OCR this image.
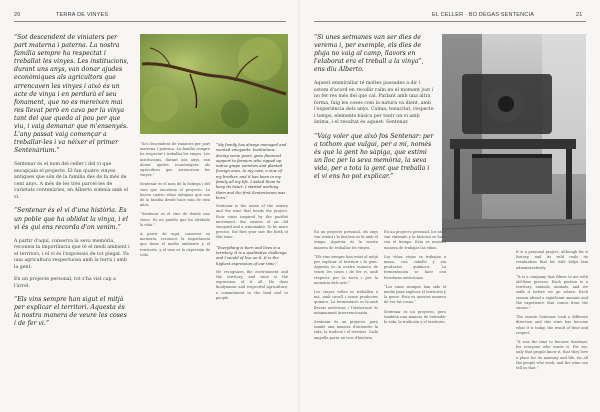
20	TERRA DE VINYES

“Sot descendent de viniaters per part materna i paterna. La nostra família sempre ha respectat i treballat les vinyes. Les institucions, durant uns anys, van donar ajudes econòmiques als agricultors que arrencaven les vinyes i això és un acte de vinya i en perdurà el seu fonament, que no es mereixen mai res llevat però en cava per la vinya tant del que queda al pou per que viu, i vaig demanar que m'ensenyés. L'any passat vaig començar a treballar-les i va néixer el primer Sentenàrium.”

Sentenar és el nom del celler i del vi que encapçala el projecte. El fan quatre vinyes antigues que són de la família des de fa més de cent anys. A més de les tres parcel·les de varietats centenàries, en Alberto somnia amb el vi.

“Sentenar és el vi d'una història. Es un poble que ha oblidat la vinya, i el vi és qui ens recorda d'on venim.”

A partir d'aquí, conserva la seva memòria, reconeix la importància que té el medi ambient i el territori, i el vi és l'expressió de tot plegat. Fa una agricultura respectuosa amb la terra i amb la gent.

En un projecte personal, tot s'ha vist cap a l'arrel.

“Els vins sempre han sigut el mitjà per explicar el territori. Aquesta és la nostra manera de veure les coses i de fer vi.”

“Sot descendent de viniaters per part materna i paterna. La família sempre ha respectat i treballat les vinyes. Les institucions, durant uns anys, van donar ajudes econòmiques als agricultors que arrencaven les vinyes.”

Sentenar és el nom de la bodega i del vino que encabeza el proyecto. Lo hacen cuatro viñas antiguas que son de la familia desde hace más de cien años.

“Sentenar es el vino de donde uno viene. Es un pueblo que ha olvidado la viña.”

A partir de aquí, conserva su memoria, reconoce la importancia que tiene el medio ambiente y el territorio, y el vino es la expresión de todo.

“My family has always managed and worked vineyards. Institutions, during some years, gave financial support to farmers who ripped up native grape varieties and planted foreign ones. In my case, a vine of my brother, and it has been in my family all my life. I asked them to keep its heart. I started working them and the first Sentenàrium was born.”

Sentenar is the name of the winery and the wine that heads the project. Four vines inspired by the pacifist movement, the owners of an old vineyard and a winemaker. To be more precise, the first year saw the birth of this wine.

“Everything is born and lives in a territory. It is a qualitative challenge and I would of live on it. It is the highest expression of our time.”

He recognizes the environment and the territory, and wine is the expression of it all. He does biodynamic and respectful agriculture, a commitment to the land and to people.

EL CELLER · BO DEGAS SENTENCIA	21

“Si unes setmanes van ser dies de verema i, per exemple, els dies de pluja no vaig al camp, llavors en l'elaborat era el treball a la vinya”, ens diu Alberto.

Aquest emmirallar té moltes passades a dir i estem d'acord en recollir raïm en el moment just i no fer res més del que cal. Parlant amb una altra forma, faig les coses com la natura va dient, amb l'experiència dels anys. Calma, tenacitat, respecte i temps, elements bàsics per tenir un vi amb ànima, i el resultat és aquest: Sentenar.

“Vaig voler que això fos Sentenar: per a tothom que vulgui, per a mi, només és que la gent ho sàpiga, que estimi un lloc per la seva memòria, la seva vida, per a tota la gent que treballa i el vi ens ho pot explicar.”

En un projecte personal, els anys van venint i la història es fa amb el temps. Aquesta és la nostra manera de treballar les vinyes.

“Els vins sempre han estat el mitjà per explicar el territori i la gent. Aquesta és la nostra manera de veure les coses i de fer vi, amb respecte per la terra i per la memòria dels avis.”

Les vinyes velles es treballen a mà, amb cavall i sense productes químics. La fermentació es fa amb llevats autòctons i l'elaboració és mínimament intervencionista.

Sentenar és un projecte, però també una manera d'entendre la vida, la tradició i el territori. Cada ampolla porta un tros d'història.

En un proyecto personal, los años van viniendo y la historia se hace con el tiempo. Esta es nuestra manera de trabajar las viñas.

Las viñas viejas se trabajan a mano, con caballo y sin productos químicos. La fermentación se hace con levaduras autóctonas.

“Los vinos siempre han sido el medio para explicar el territorio y la gente. Esta es nuestra manera de ver las cosas.”

Sentenar es un proyecto, pero también una manera de entender la vida, la tradición y el territorio.

It is a personal project, although for it history, and its wild reals its revaluation that his wife helps him administratively.

“It is a company that filters to me with old-time presses. Each portion is a territory, animals, animals, and we walk it before we go where. Each season ahead a significant amount and the experience that comes from the stones.”

The reason Sentenar took a different direction and this wine has become what it is today, the result of time and respect.

“It was the time to become Sentenar, for everyone who wants it. For me, only that people know it, that they love a place for its memory and life, for all the people who work, and the wine can tell us that.”
